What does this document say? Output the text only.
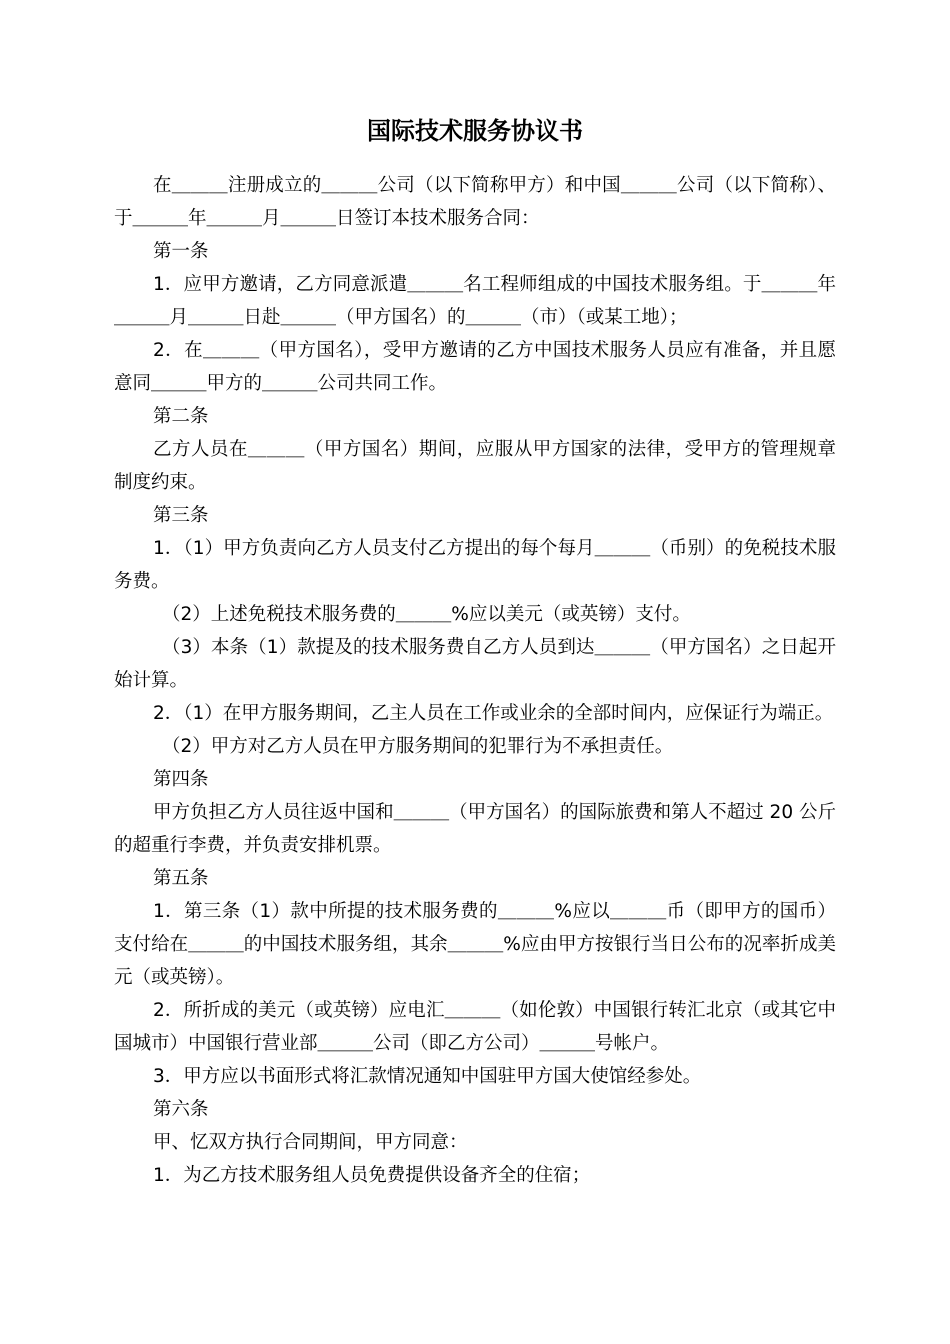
国际技术服务协议书

在＿＿＿注册成立的＿＿＿公司（以下简称甲方）和中国＿＿＿公司（以下简称）、于＿＿＿年＿＿＿月＿＿＿日签订本技术服务合同：

第一条

1．应甲方邀请，乙方同意派遣＿＿＿名工程师组成的中国技术服务组。于＿＿＿年＿＿＿月＿＿＿日赴＿＿＿（甲方国名）的＿＿＿（市）（或某工地）；

2．在＿＿＿（甲方国名），受甲方邀请的乙方中国技术服务人员应有准备，并且愿意同＿＿＿甲方的＿＿＿公司共同工作。

第二条

乙方人员在＿＿＿（甲方国名）期间，应服从甲方国家的法律，受甲方的管理规章制度约束。

第三条

1．（1）甲方负责向乙方人员支付乙方提出的每个每月＿＿＿（币别）的免税技术服务费。

（2）上述免税技术服务费的＿＿＿%应以美元（或英镑）支付。

（3）本条（1）款提及的技术服务费自乙方人员到达＿＿＿（甲方国名）之日起开始计算。

2．（1）在甲方服务期间，乙主人员在工作或业余的全部时间内，应保证行为端正。

（2）甲方对乙方人员在甲方服务期间的犯罪行为不承担责任。

第四条

甲方负担乙方人员往返中国和＿＿＿（甲方国名）的国际旅费和第人不超过 20 公斤的超重行李费，并负责安排机票。

第五条

1．第三条（1）款中所提的技术服务费的＿＿＿%应以＿＿＿币（即甲方的国币）支付给在＿＿＿的中国技术服务组，其余＿＿＿%应由甲方按银行当日公布的况率折成美元（或英镑）。

2．所折成的美元（或英镑）应电汇＿＿＿（如伦敦）中国银行转汇北京（或其它中国城市）中国银行营业部＿＿＿公司（即乙方公司）＿＿＿号帐户。

3．甲方应以书面形式将汇款情况通知中国驻甲方国大使馆经参处。

第六条

甲、忆双方执行合同期间，甲方同意：

1．为乙方技术服务组人员免费提供设备齐全的住宿；
